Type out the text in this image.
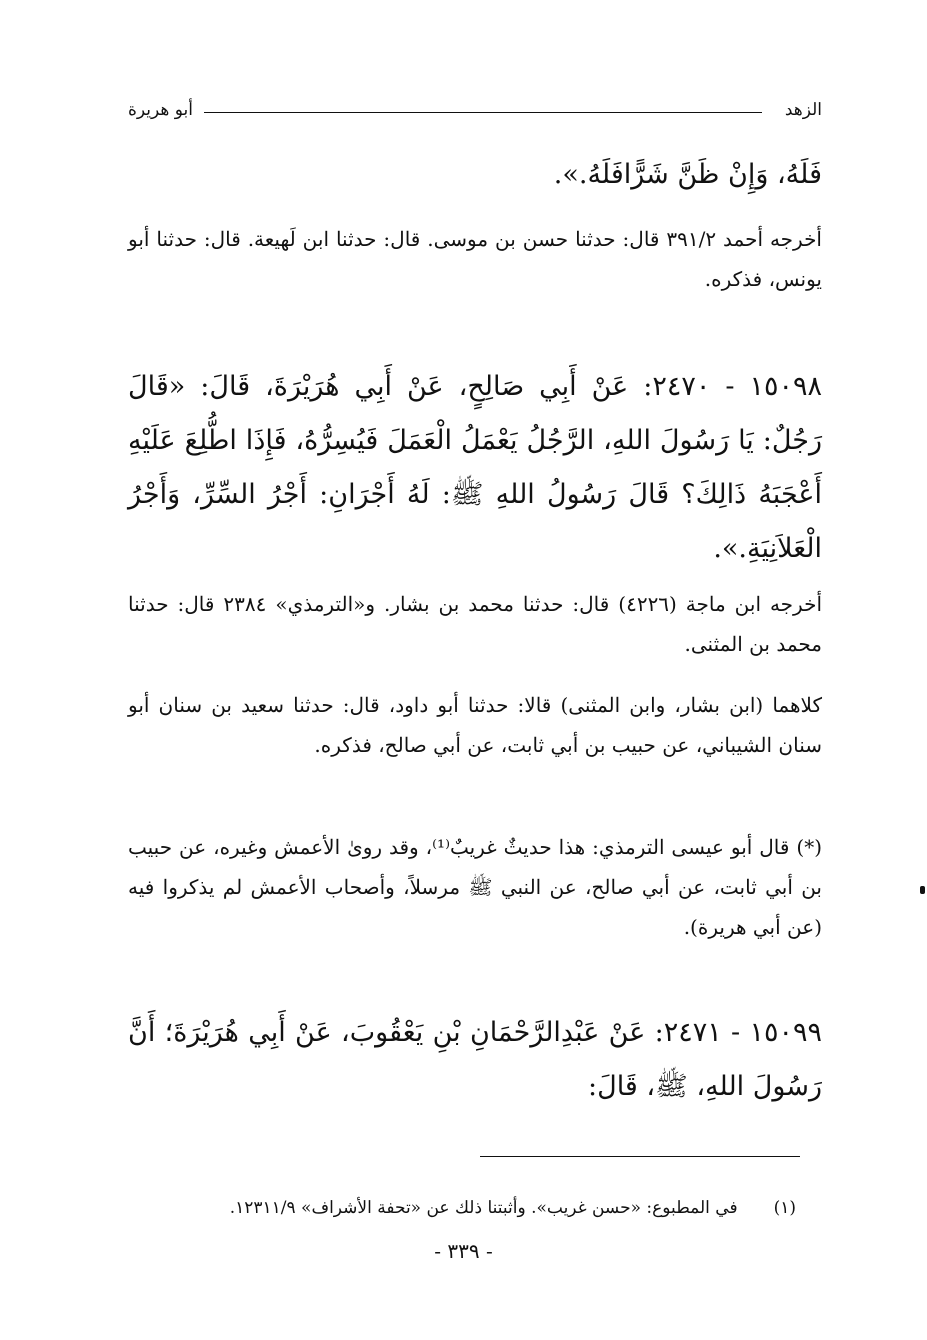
الزهد
أبو هريرة

فَلَهُ، وَإِنْ ظَنَّ شَرًّافَلَهُ.».

أخرجه أحمد ٣٩١/٢ قال: حدثنا حسن بن موسى. قال: حدثنا ابن لَهيعة. قال: حدثنا أبو يونس، فذكره.

١٥٠٩٨ - ٢٤٧٠: عَنْ أَبِي صَالِحٍ، عَنْ أَبِي هُرَيْرَةَ، قَالَ: «قَالَ رَجُلٌ: يَا رَسُولَ اللهِ، الرَّجُلُ يَعْمَلُ الْعَمَلَ فَيُسِرُّهُ، فَإِذَا اطُّلِعَ عَلَيْهِ أَعْجَبَهُ ذَالِكَ؟ قَالَ رَسُولُ اللهِ ﷺ: لَهُ أَجْرَانِ: أَجْرُ السِّرِّ، وَأَجْرُ الْعَلاَنِيَةِ.».

أخرجه ابن ماجة (٤٢٢٦) قال: حدثنا محمد بن بشار. و«الترمذي» ٢٣٨٤ قال: حدثنا محمد بن المثنى.

كلاهما (ابن بشار، وابن المثنى) قالا: حدثنا أبو داود، قال: حدثنا سعيد بن سنان أبو سنان الشيباني، عن حبيب بن أبي ثابت، عن أبي صالح، فذكره.

(*) قال أبو عيسى الترمذي: هذا حديثٌ غريبٌ⁽¹⁾، وقد روىٰ الأعمش وغيره، عن حبيب بن أبي ثابت، عن أبي صالح، عن النبي ﷺ مرسلاً، وأصحاب الأعمش لم يذكروا فيه (عن أبي هريرة).

١٥٠٩٩ - ٢٤٧١: عَنْ عَبْدِالرَّحْمَانِ بْنِ يَعْقُوبَ، عَنْ أَبِي هُرَيْرَةَ؛ أَنَّ رَسُولَ اللهِ، ﷺ، قَالَ:

(١)في المطبوع: «حسن غريب». وأثبتنا ذلك عن «تحفة الأشراف» ١٢٣١١/٩.
- ٣٣٩ -
